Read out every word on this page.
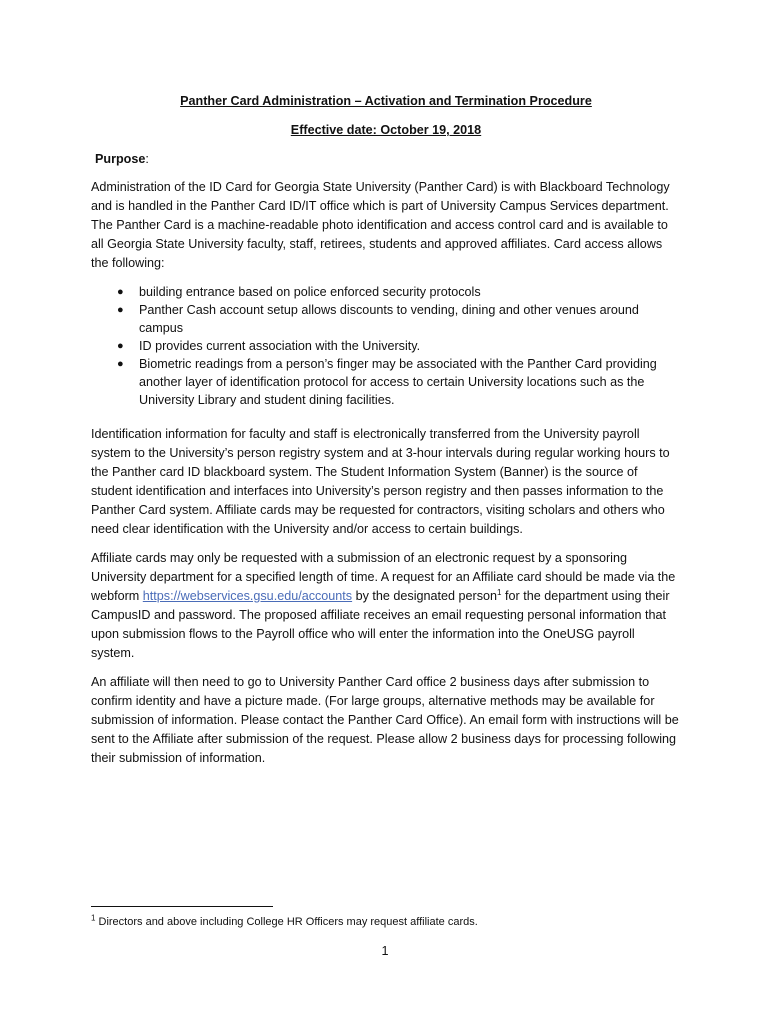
Panther Card Administration – Activation and Termination Procedure
Effective date: October 19, 2018
Purpose:

Administration of the ID Card for Georgia State University (Panther Card) is with Blackboard Technology and is handled in the Panther Card ID/IT office which is part of University Campus Services department. The Panther Card is a machine-readable photo identification and access control card and is available to all Georgia State University faculty, staff, retirees, students and approved affiliates. Card access allows the following:

● building entrance based on police enforced security protocols
● Panther Cash account setup allows discounts to vending, dining and other venues around campus
● ID provides current association with the University.
● Biometric readings from a person’s finger may be associated with the Panther Card providing another layer of identification protocol for access to certain University locations such as the University Library and student dining facilities.

Identification information for faculty and staff is electronically transferred from the University payroll system to the University’s person registry system and at 3-hour intervals during regular working hours to the Panther card ID blackboard system. The Student Information System (Banner) is the source of student identification and interfaces into University’s person registry and then passes information to the Panther Card system. Affiliate cards may be requested for contractors, visiting scholars and others who need clear identification with the University and/or access to certain buildings.

Affiliate cards may only be requested with a submission of an electronic request by a sponsoring University department for a specified length of time. A request for an Affiliate card should be made via the webform https://webservices.gsu.edu/accounts by the designated person$^1$ for the department using their CampusID and password. The proposed affiliate receives an email requesting personal information that upon submission flows to the Payroll office who will enter the information into the OneUSG payroll system.

An affiliate will then need to go to University Panther Card office 2 business days after submission to confirm identity and have a picture made. (For large groups, alternative methods may be available for submission of information. Please contact the Panther Card Office). An email form with instructions will be sent to the Affiliate after submission of the request. Please allow 2 business days for processing following their submission of information.

$^1$ Directors and above including College HR Officers may request affiliate cards.
1
